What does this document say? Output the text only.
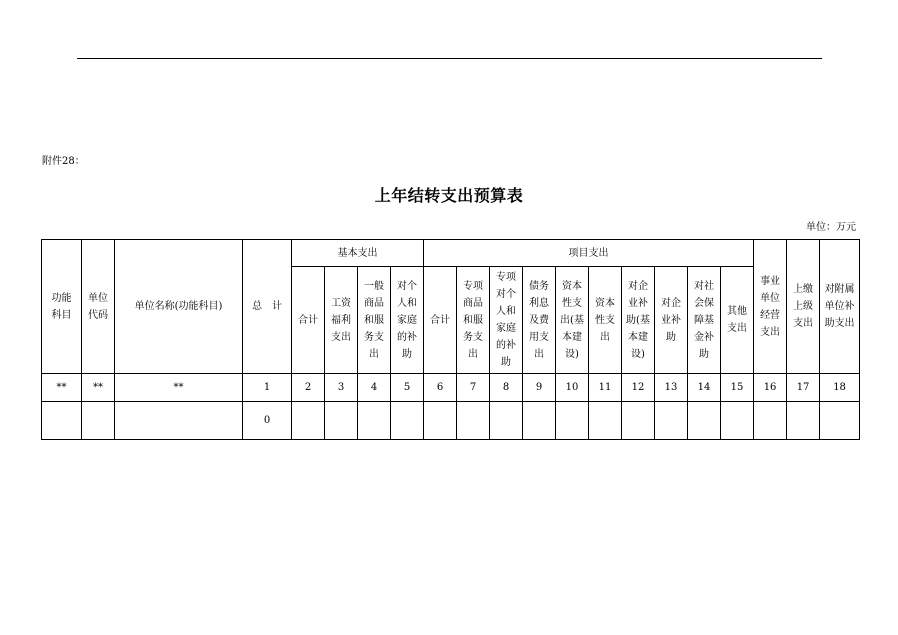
附件28：
上年结转支出预算表
单位：万元
功能科目	单位代码	单位名称(功能科目)	总　计	基本支出				项目支出										事业单位经营支出	上缴上级支出	对附属单位补助支出

				合计	工资福利支出	一般商品和服务支出	对个人和家庭的补助	合计	专项商品和服务支出	专项对个人和家庭的补助	债务利息及费用支出	资本性支出(基本建设)	资本性支出	对企业补助(基本建设)	对企业补助	对社会保障基金补助	其他支出			

**	**	**	1	2	3	4	5	6	7	8	9	10	11	12	13	14	15	16	17	18
			0																	
